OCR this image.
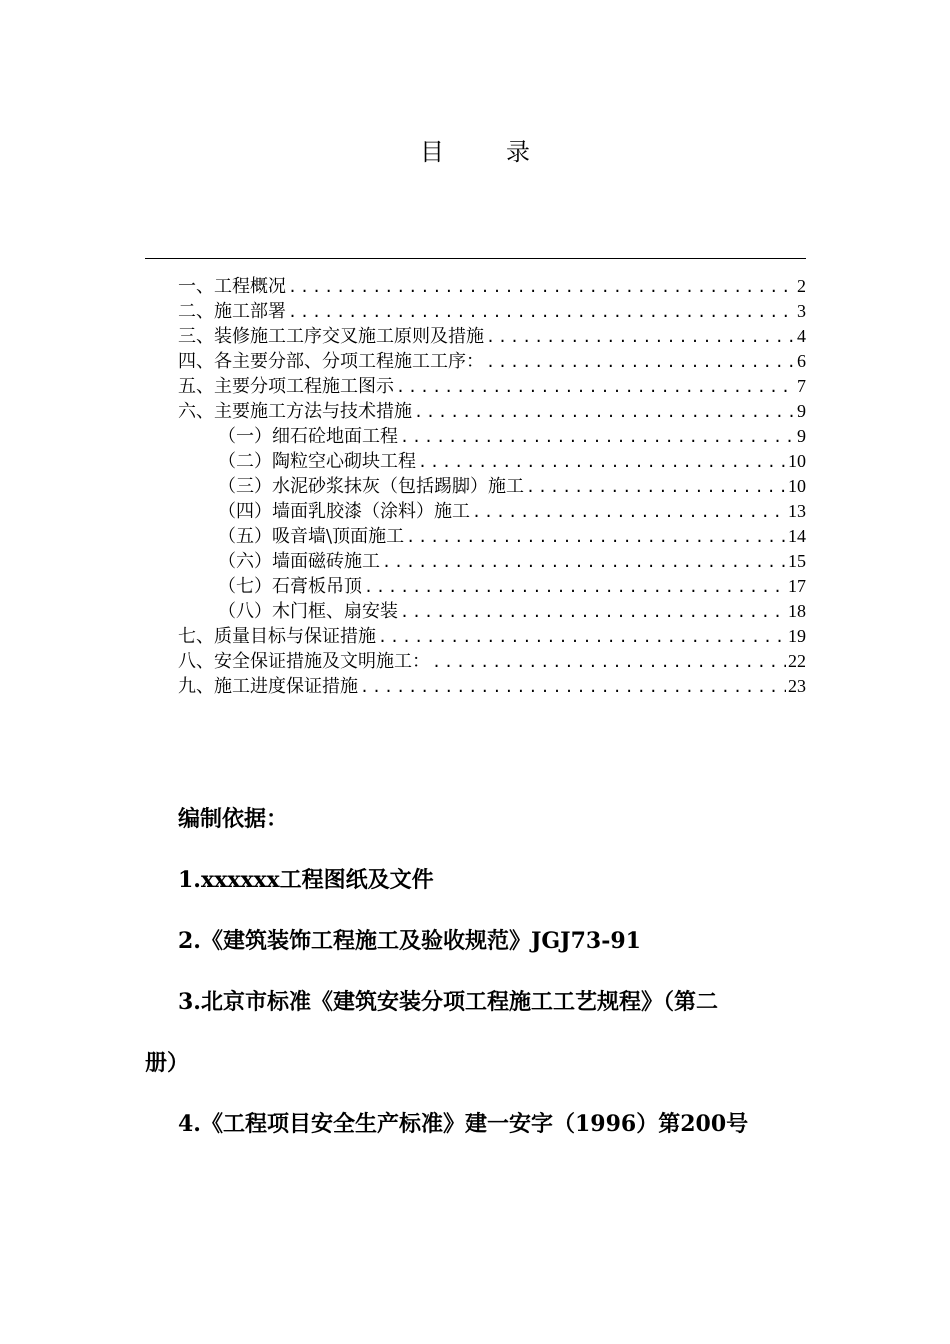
目	录
一、工程概况 .....	2
二、施工部署 .....	3
三、装修施工工序交叉施工原则及措施 .....	4
四、各主要分部、分项工程施工工序： .....	6
五、主要分项工程施工图示 .....	7
六、主要施工方法与技术措施 .....	9
（一）细石砼地面工程 .....	9
（二）陶粒空心砌块工程 .....	10
（三）水泥砂浆抹灰（包括踢脚）施工 .....	10
（四）墙面乳胶漆（涂料）施工 .....	13
（五）吸音墙\顶面施工 .....	14
（六）墙面磁砖施工 .....	15
（七）石膏板吊顶 .....	17
（八）木门框、扇安装 .....	18
七、质量目标与保证措施 .....	19
八、安全保证措施及文明施工： .....	22
九、施工进度保证措施 .....	23
编制依据：
1.xxxxxx工程图纸及文件
2.《建筑装饰工程施工及验收规范》JGJ73-91
3.北京市标准《建筑安装分项工程施工工艺规程》（第二
册）
4.《工程项目安全生产标准》建一安字（1996）第200号
